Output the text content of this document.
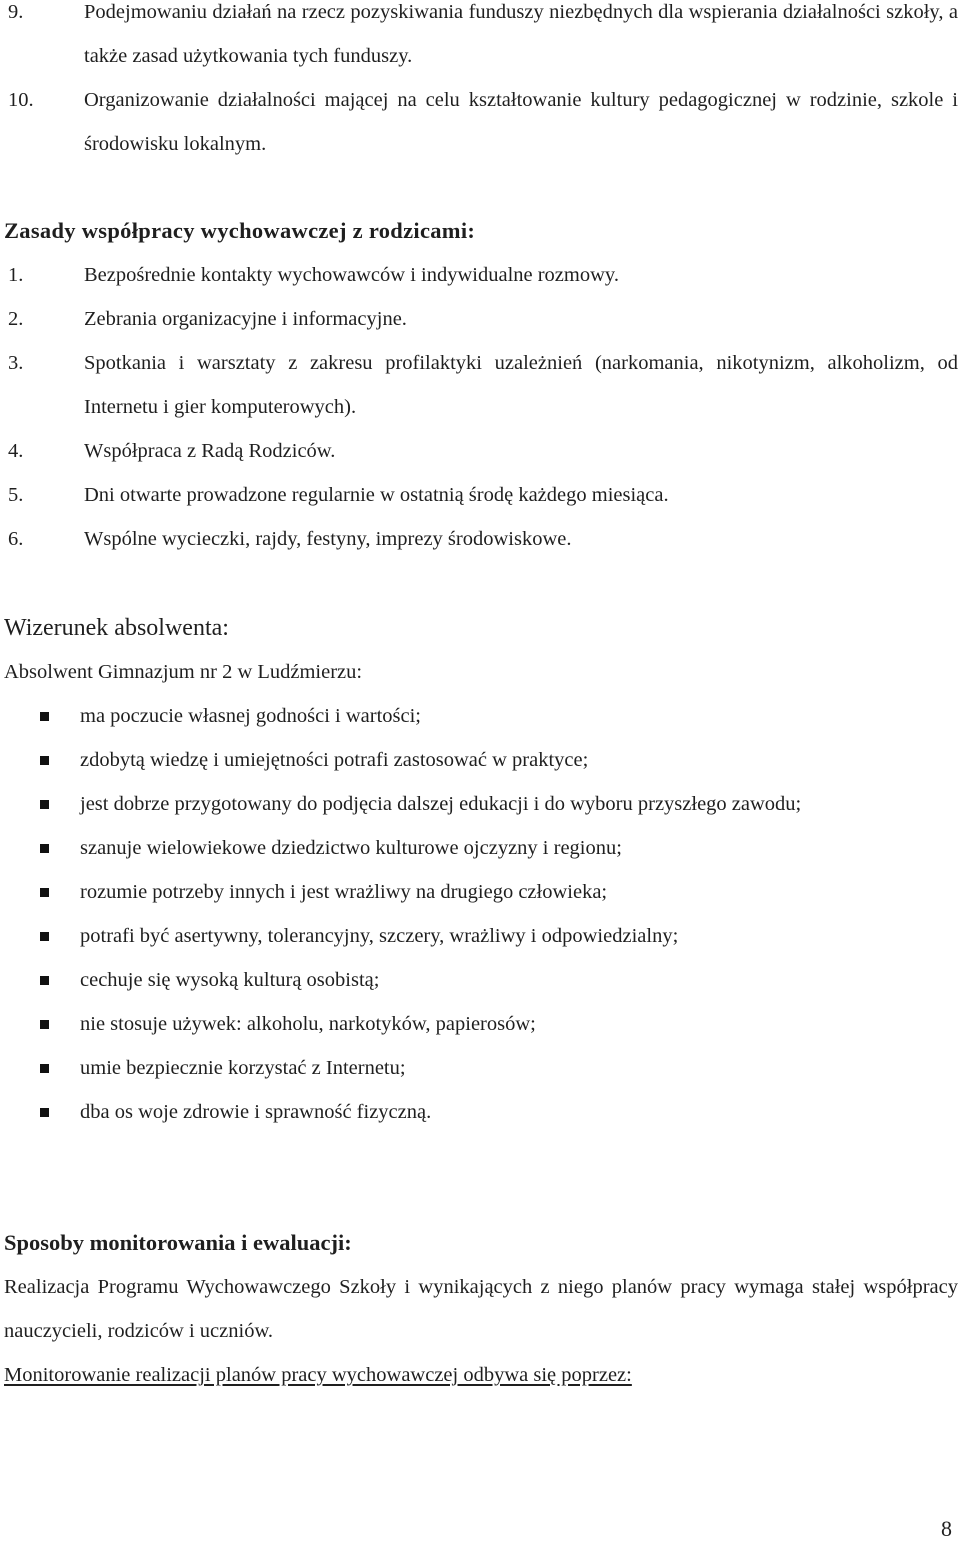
9.	Podejmowaniu działań na rzecz pozyskiwania funduszy niezbędnych dla wspierania działalności szkoły, a także zasad użytkowania tych funduszy.
10. Organizowanie działalności mającej na celu kształtowanie kultury pedagogicznej w rodzinie, szkole i środowisku lokalnym.
Zasady współpracy wychowawczej z rodzicami:
1.	Bezpośrednie kontakty wychowawców i indywidualne rozmowy.
2.	Zebrania organizacyjne i informacyjne.
3.	Spotkania i warsztaty z zakresu profilaktyki uzależnień (narkomania, nikotynizm, alkoholizm, od Internetu i gier komputerowych).
4.	Współpraca z Radą Rodziców.
5.	Dni otwarte prowadzone regularnie w ostatnią środę każdego miesiąca.
6.	Wspólne wycieczki, rajdy, festyny, imprezy środowiskowe.
Wizerunek absolwenta:
Absolwent Gimnazjum nr 2 w Ludźmierzu:
ma poczucie własnej godności i wartości;
zdobytą wiedzę i umiejętności potrafi zastosować w praktyce;
jest dobrze przygotowany do podjęcia dalszej edukacji i do wyboru przyszłego zawodu;
szanuje wielowiekowe dziedzictwo kulturowe ojczyzny i regionu;
rozumie potrzeby innych i jest wrażliwy na drugiego człowieka;
potrafi być asertywny, tolerancyjny, szczery, wrażliwy i odpowiedzialny;
cechuje się wysoką kulturą osobistą;
nie stosuje używek: alkoholu, narkotyków, papierosów;
umie bezpiecznie korzystać z Internetu;
dba os woje zdrowie i sprawność fizyczną.
Sposoby monitorowania i ewaluacji:
Realizacja Programu Wychowawczego Szkoły i wynikających z niego planów pracy wymaga stałej współpracy nauczycieli, rodziców i uczniów.
Monitorowanie realizacji planów pracy wychowawczej odbywa się poprzez:
8
